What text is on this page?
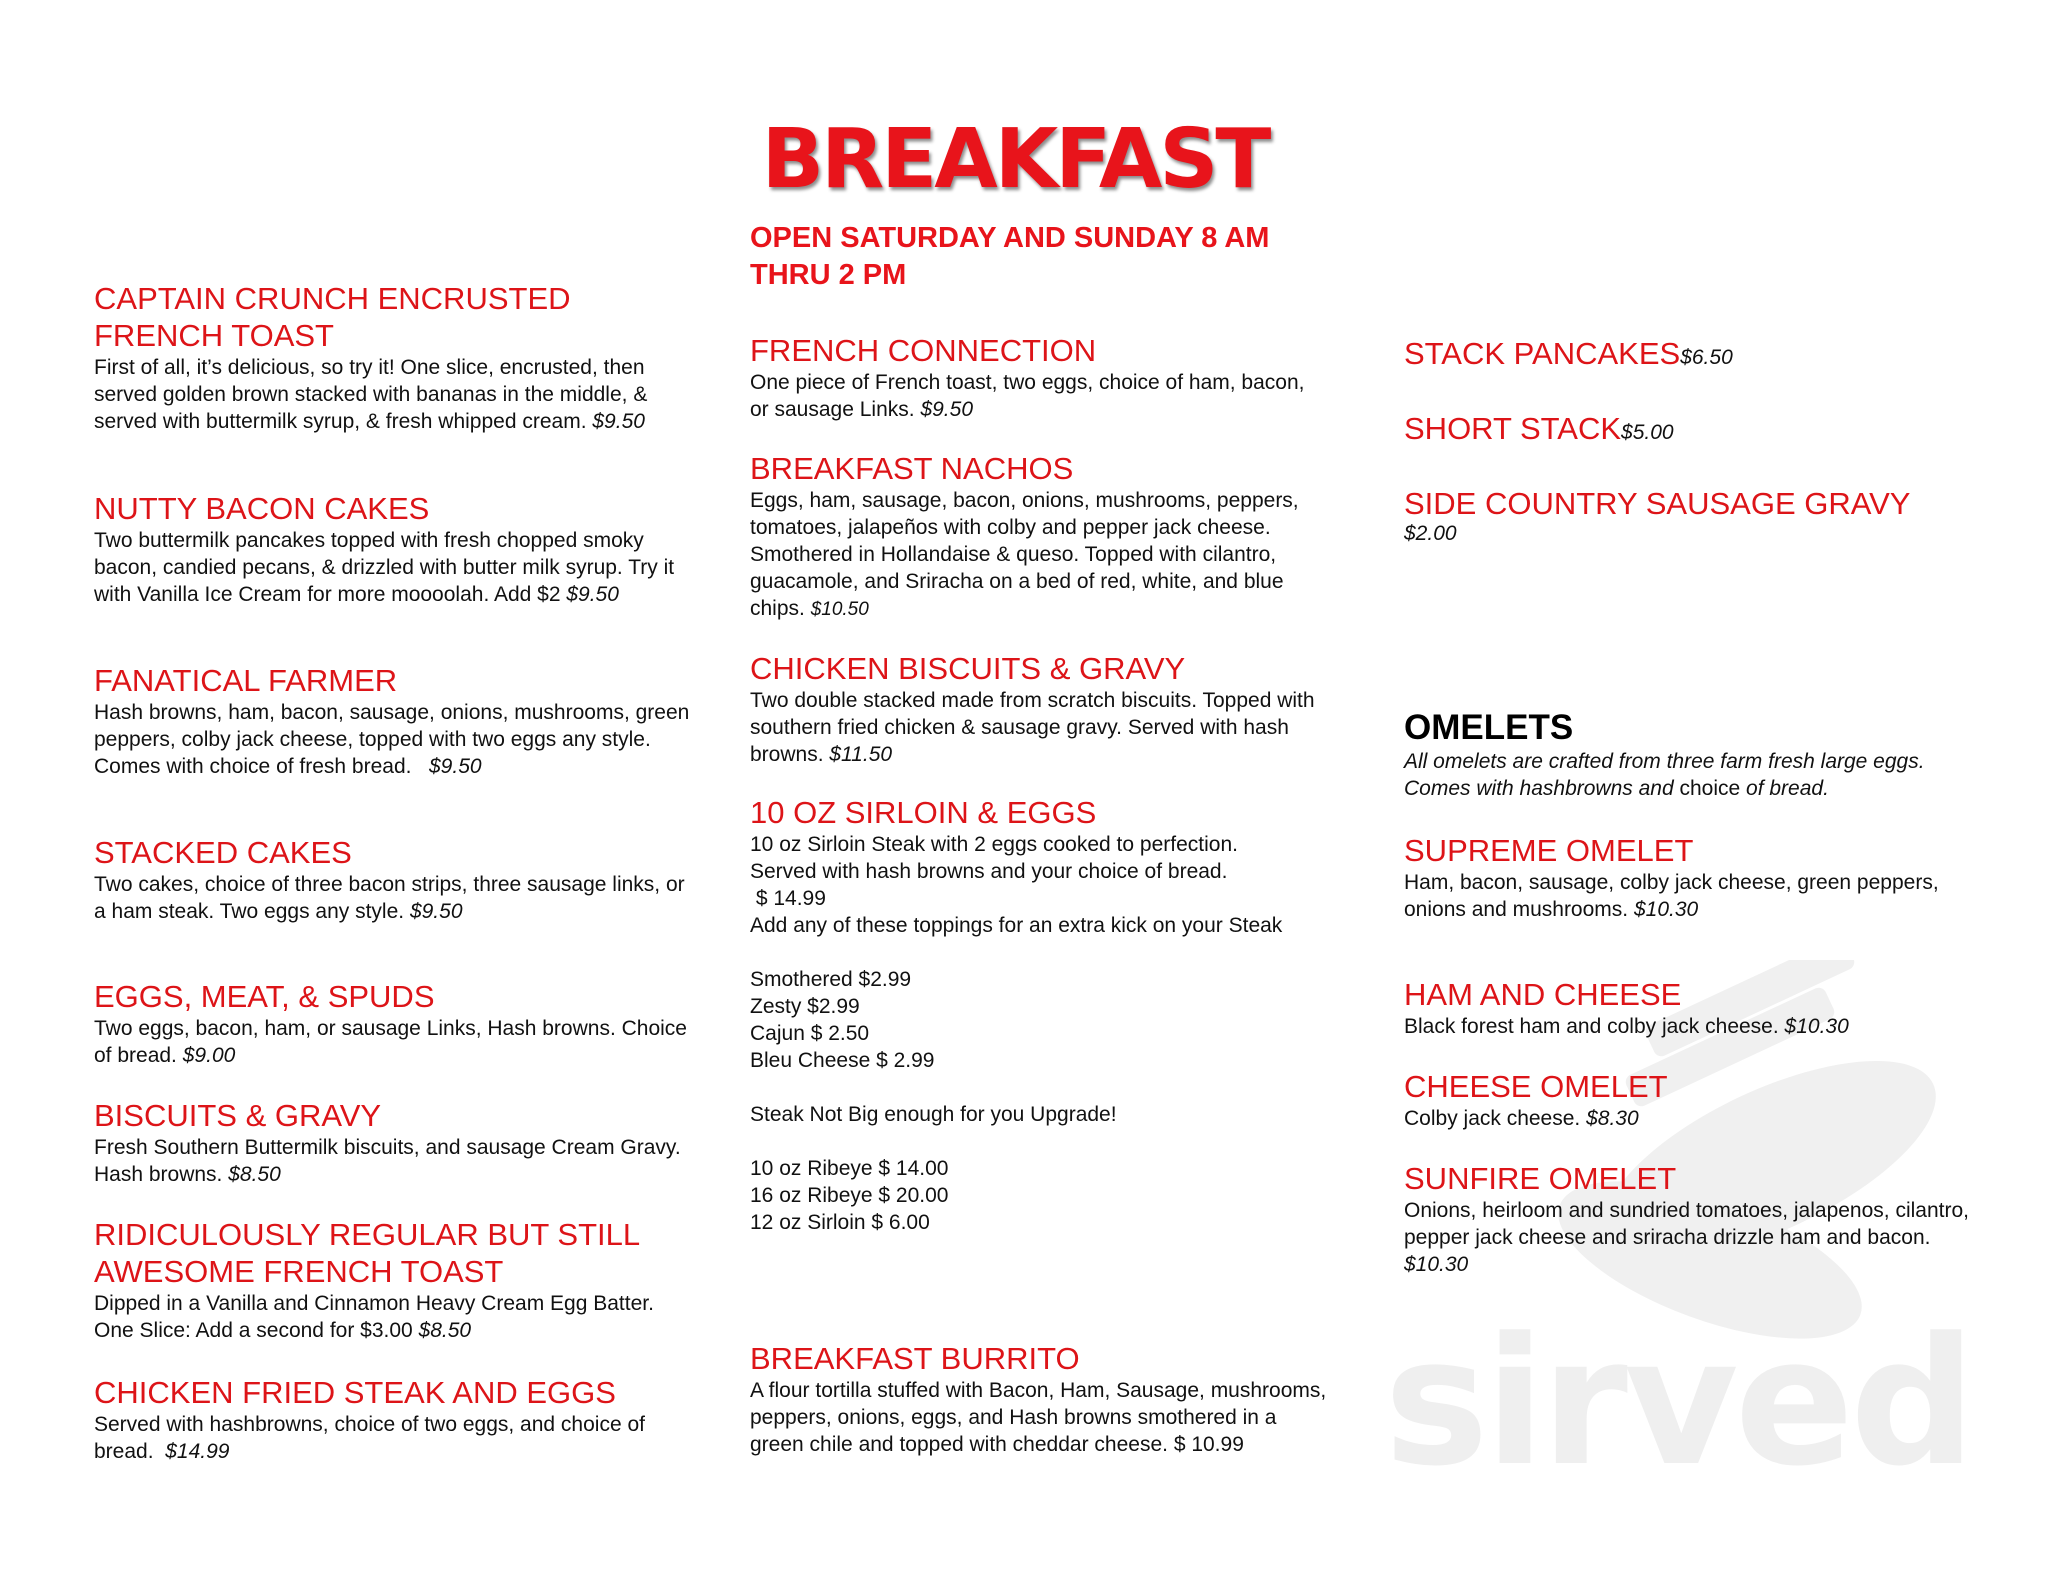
sirved
BREAKFAST
OPEN SATURDAY AND SUNDAY 8 AM THRU 2 PM
CAPTAIN CRUNCH ENCRUSTED FRENCH TOAST
First of all, it’s delicious, so try it! One slice, encrusted, then served golden brown stacked with bananas in the middle, & served with buttermilk syrup, & fresh whipped cream. $9.50
NUTTY BACON CAKES
Two buttermilk pancakes topped with fresh chopped smoky bacon, candied pecans, & drizzled with butter milk syrup. Try it with Vanilla Ice Cream for more moooolah. Add $2 $9.50
FANATICAL FARMER
Hash browns, ham, bacon, sausage, onions, mushrooms, green peppers, colby jack cheese, topped with two eggs any style. Comes with choice of fresh bread. $9.50
STACKED CAKES
Two cakes, choice of three bacon strips, three sausage links, or a ham steak. Two eggs any style. $9.50
EGGS, MEAT, & SPUDS
Two eggs, bacon, ham, or sausage Links, Hash browns. Choice of bread. $9.00
BISCUITS & GRAVY
Fresh Southern Buttermilk biscuits, and sausage Cream Gravy. Hash browns. $8.50
RIDICULOUSLY REGULAR BUT STILL AWESOME FRENCH TOAST
Dipped in a Vanilla and Cinnamon Heavy Cream Egg Batter. One Slice: Add a second for $3.00 $8.50
CHICKEN FRIED STEAK AND EGGS
Served with hashbrowns, choice of two eggs, and choice of bread. $14.99
FRENCH CONNECTION
One piece of French toast, two eggs, choice of ham, bacon, or sausage Links. $9.50
BREAKFAST NACHOS
Eggs, ham, sausage, bacon, onions, mushrooms, peppers, tomatoes, jalapeños with colby and pepper jack cheese. Smothered in Hollandaise & queso. Topped with cilantro, guacamole, and Sriracha on a bed of red, white, and blue chips. $10.50
CHICKEN BISCUITS & GRAVY
Two double stacked made from scratch biscuits. Topped with southern fried chicken & sausage gravy. Served with hash browns. $11.50
10 OZ SIRLOIN & EGGS
10 oz Sirloin Steak with 2 eggs cooked to perfection. Served with hash browns and your choice of bread.
$ 14.99
Add any of these toppings for an extra kick on your Steak
Smothered $2.99
Zesty $2.99
Cajun $ 2.50
Bleu Cheese $ 2.99
Steak Not Big enough for you Upgrade!
10 oz Ribeye $ 14.00
16 oz Ribeye $ 20.00
12 oz Sirloin $ 6.00
BREAKFAST BURRITO
A flour tortilla stuffed with Bacon, Ham, Sausage, mushrooms, peppers, onions, eggs, and Hash browns smothered in a green chile and topped with cheddar cheese. $ 10.99
STACK PANCAKES$6.50
SHORT STACK$5.00
SIDE COUNTRY SAUSAGE GRAVY
$2.00
OMELETS
All omelets are crafted from three farm fresh large eggs. Comes with hashbrowns and choice of bread.
SUPREME OMELET
Ham, bacon, sausage, colby jack cheese, green peppers, onions and mushrooms. $10.30
HAM AND CHEESE
Black forest ham and colby jack cheese. $10.30
CHEESE OMELET
Colby jack cheese. $8.30
SUNFIRE OMELET
Onions, heirloom and sundried tomatoes, jalapenos, cilantro, pepper jack cheese and sriracha drizzle ham and bacon. $10.30
